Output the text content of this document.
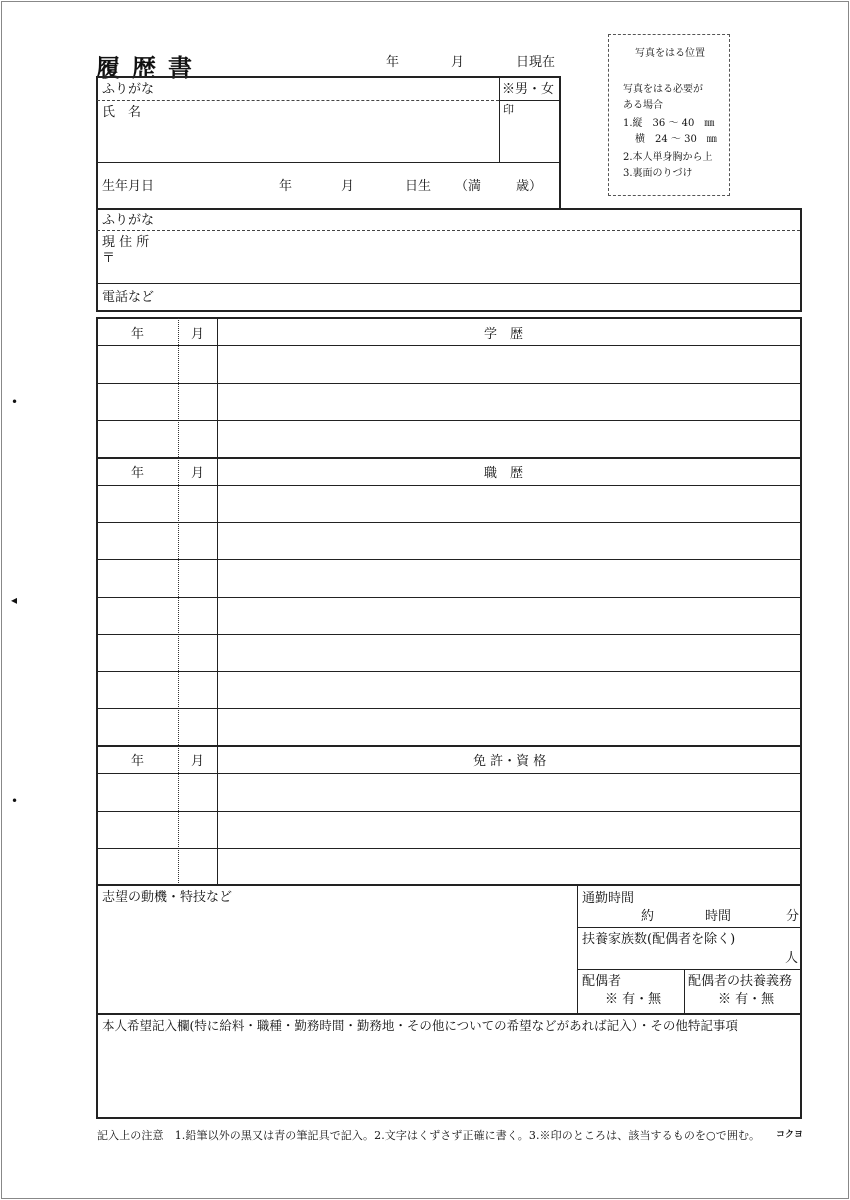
•
◂
•
履歴書	年	月	日現在
写真をはる位置
写真をはる必要が
ある場合
1.縦　36 〜 40　㎜
横　24 〜 30　㎜
2.本人単身胸から上
3.裏面のりづけ
ふりがな	※男・女
氏　名	印
生年月日	年	月	日生 （満	歳）
ふりがな
現 住 所
〒
電話など
年	月	学　歴
年	月	職　歴
年	月	免 許・資 格
志望の動機・特技など	通勤時間
約	時間	分
扶養家族数(配偶者を除く)
人
配偶者
※ 有・無
配偶者の扶養義務
※ 有・無
本人希望記入欄(特に給料・職種・勤務時間・勤務地・その他についての希望などがあれば記入）・その他特記事項
記入上の注意　1.鉛筆以外の黒又は青の筆記具で記入。2.文字はくずさず正確に書く。3.※印のところは、該当するものを○で囲む。 コクヨ
